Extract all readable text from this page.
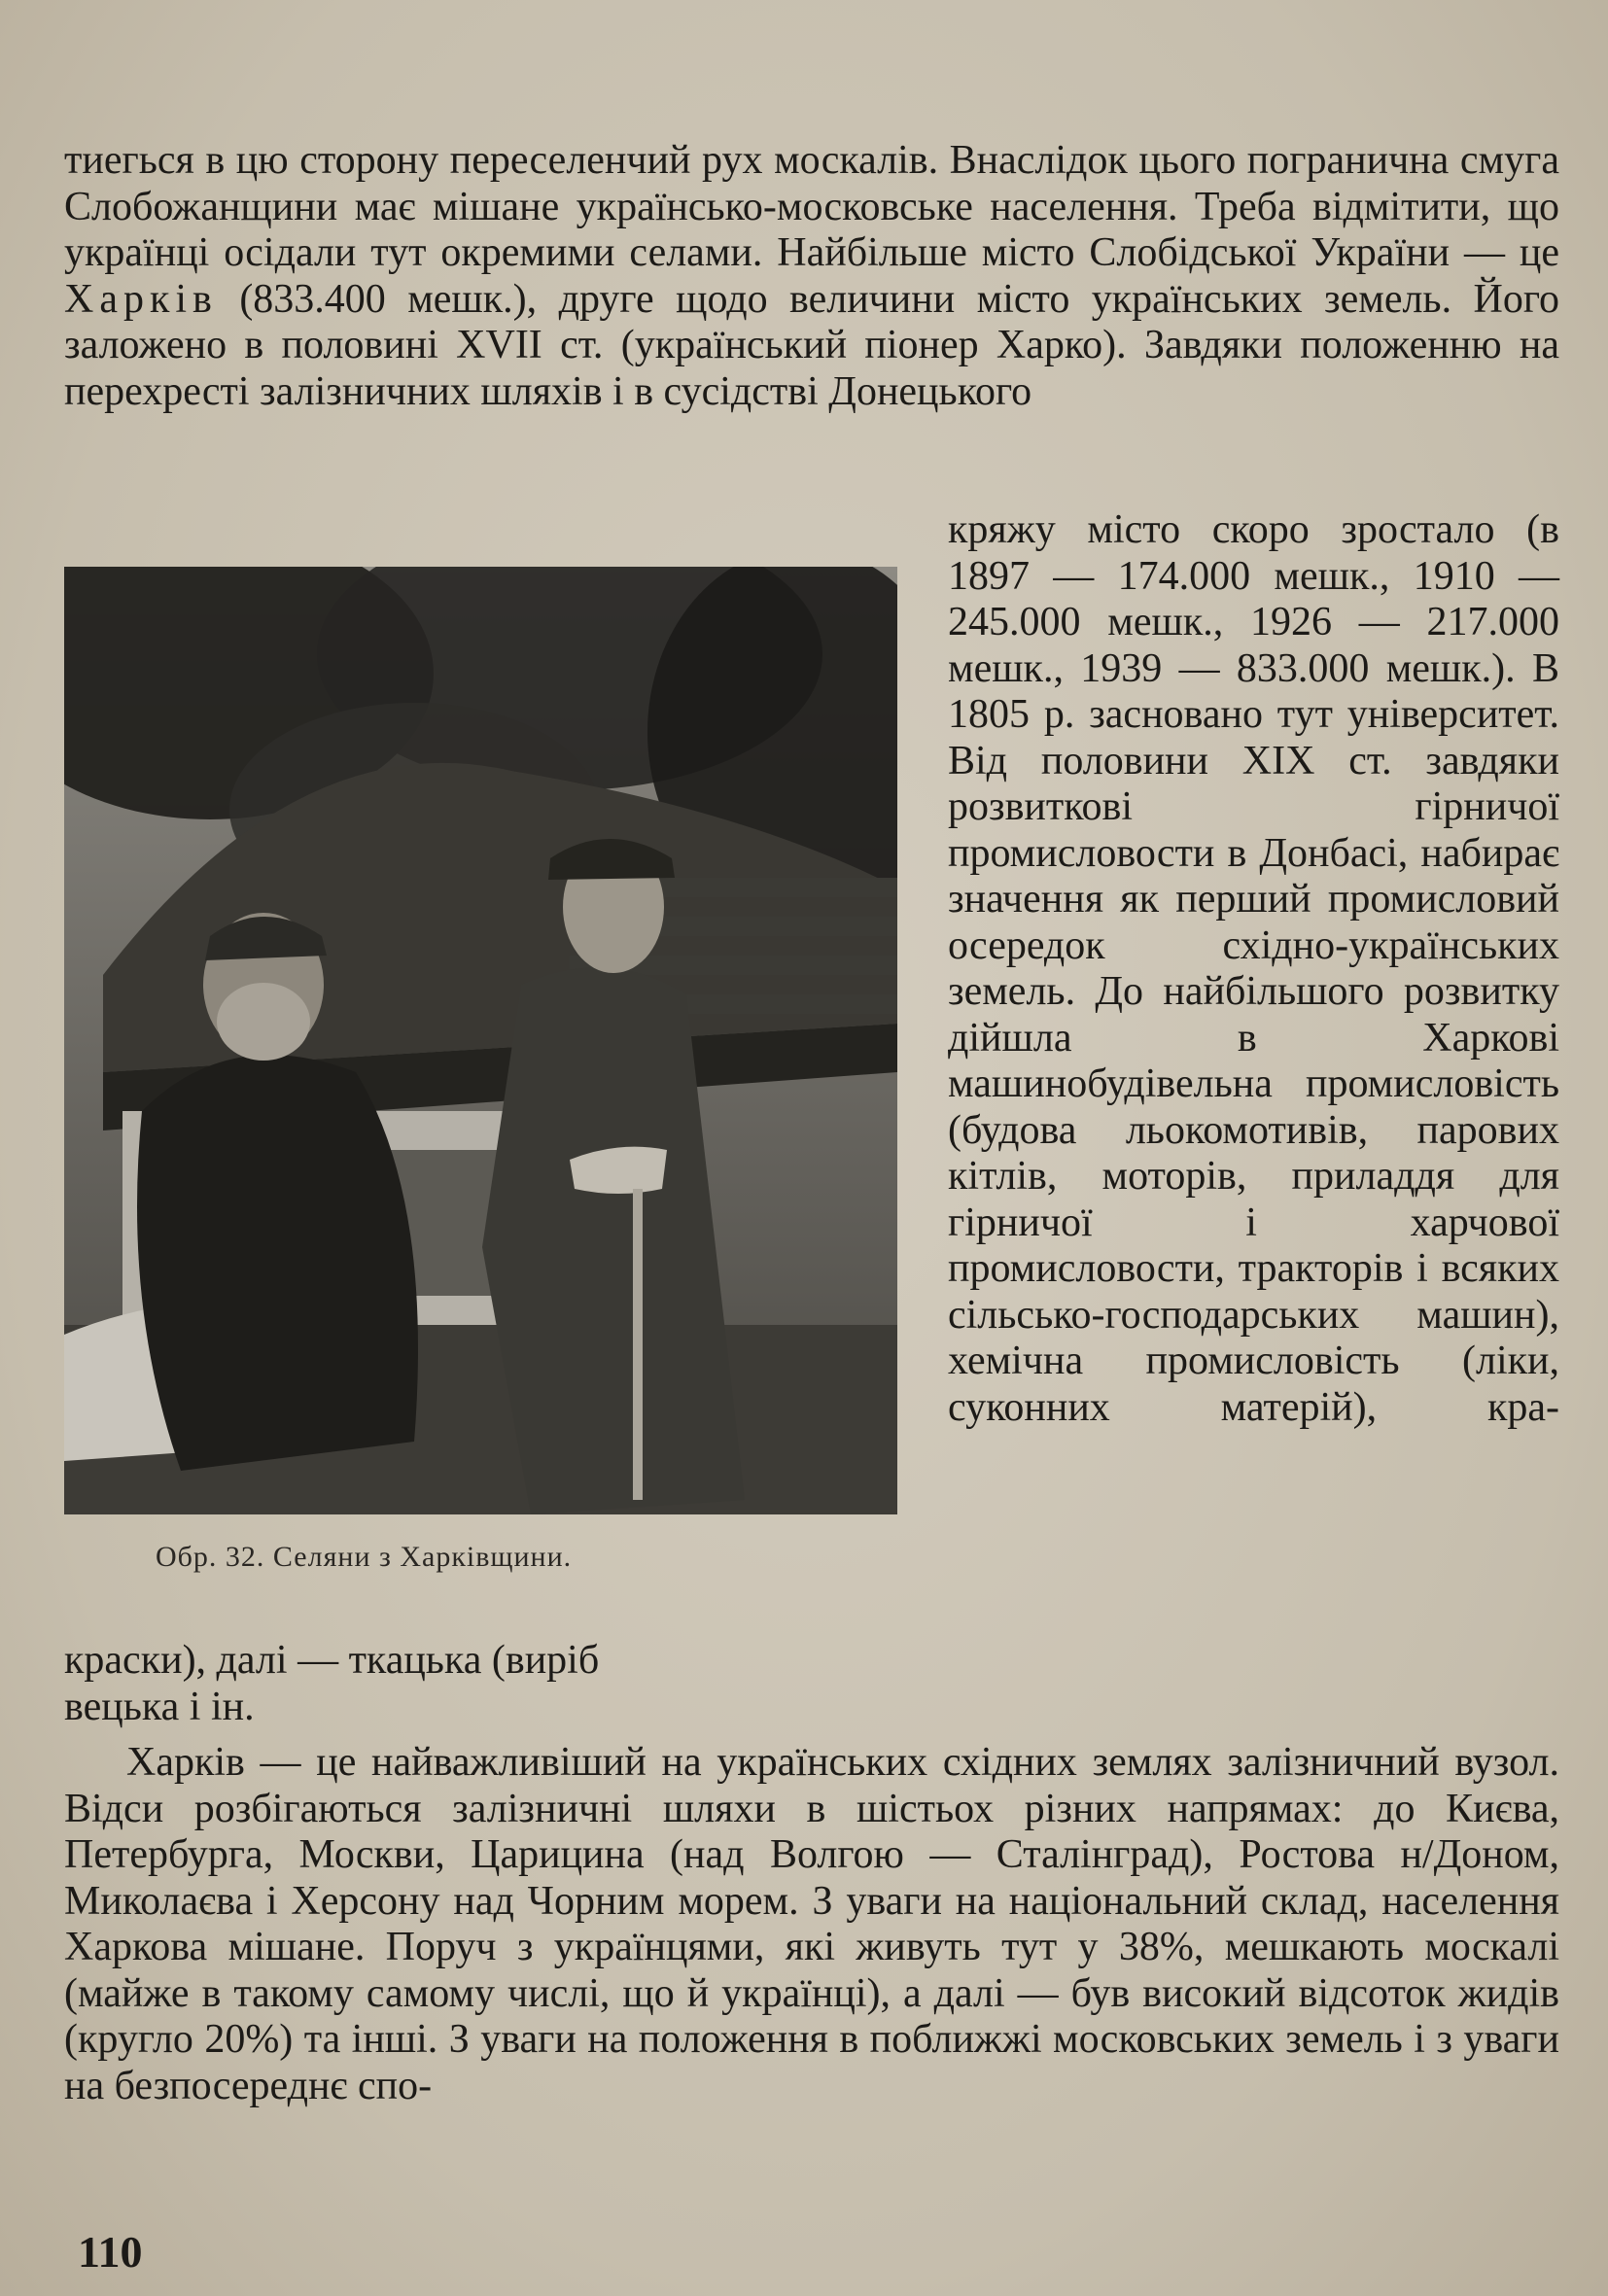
тиeгься в цю сторону переселенчий рух москалів. Внаслідок цього погранична смуга Слобожанщини має мішане українсько-московське населення. Треба відмітити, що українці осідали тут окремими селами. Найбільше місто Слобідської України — це Харків (833.400 мешк.), друге щодо величини місто українських земель. Його заложено в половині XVII ст. (український піонер Харко). Завдяки положенню на перехресті залізничних шляхів і в сусідстві Донецького

Обр. 32. Селяни з Харківщини.

кряжу місто скоро зростало (в 1897 — 174.000 мешк., 1910 — 245.000 мешк., 1926 — 217.000 мешк., 1939 — 833.000 мешк.). В 1805 р. засновано тут університет. Від половини XIX ст. завдяки розвиткові гірничої промисловости в Донбасі, набирає значення як перший промисловий осередок східно-українських земель. До найбільшого розвитку дійшла в Харкові машинобудівельна промисловість (будова льокомотивів, парових кітлів, моторів, приладдя для гірничої і харчової промисловости, тракторів і всяких сільсько-господарських машин), хемічна промисловість (ліки, суконних матерій), кра-

краски), далі — ткацька (виріб
вецька і ін.

Харків — це найважливіший на українських східних землях залізничний вузол. Відси розбігаються залізничні шляхи в шістьох різних напрямах: до Києва, Петербурга, Москви, Царицина (над Волгою — Сталінград), Ростова н/Доном, Миколаєва і Херсону над Чорним морем. З уваги на національний склад, населення Харкова мішане. Поруч з українцями, які живуть тут у 38%, мешкають москалі (майже в такому самому числі, що й українці), а далі — був високий відсоток жидів (кругло 20%) та інші. З уваги на положення в поближжі московських земель і з уваги на безпосереднє спо-

110
